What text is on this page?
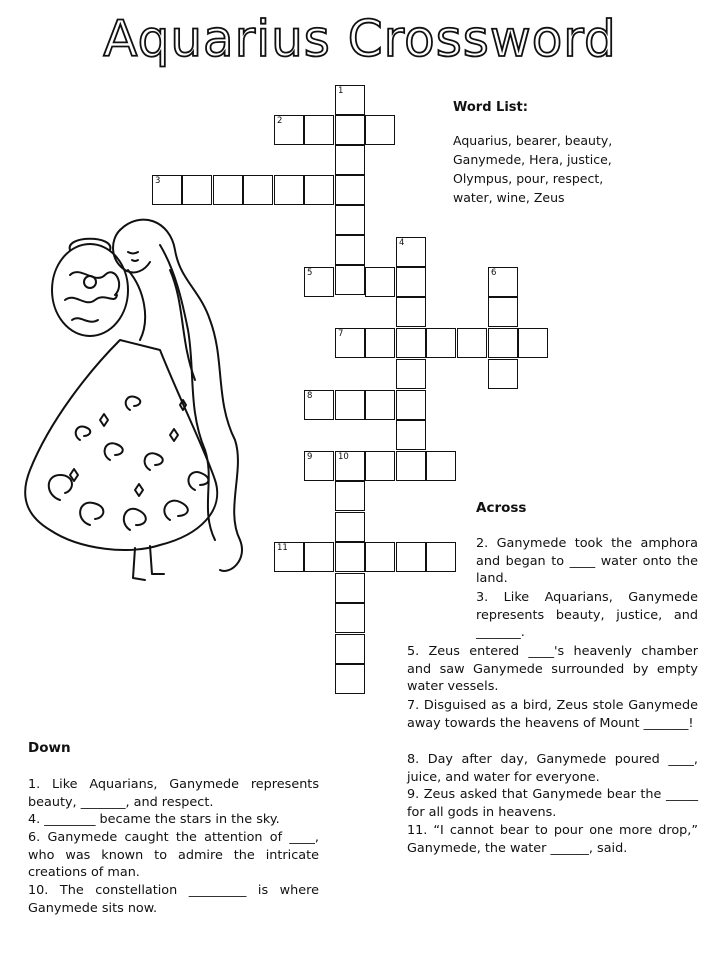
Aquarius Crossword
1
2
3
4
5	6
7
8
9	10
11
Word List:
Aquarius, bearer, beauty,
Ganymede, Hera, justice,
Olympus, pour, respect,
water, wine, Zeus
Across
2. Ganymede took the amphora and began to ____ water onto the land.
3. Like Aquarians, Ganymede represents beauty, justice, and _______.
5. Zeus entered ____'s heavenly chamber and saw Ganymede surrounded by empty water vessels.
7. Disguised as a bird, Zeus stole Ganymede away towards the heavens of Mount _______!
8. Day after day, Ganymede poured ____, juice, and water for everyone.
9. Zeus asked that Ganymede bear the _____ for all gods in heavens.
11. “I cannot bear to pour one more drop,” Ganymede, the water ______, said.
Down
1. Like Aquarians, Ganymede represents beauty, _______, and respect.
4. ________ became the stars in the sky.
6. Ganymede caught the attention of ____, who was known to admire the intricate creations of man.
10. The constellation _________ is where Ganymede sits now.
